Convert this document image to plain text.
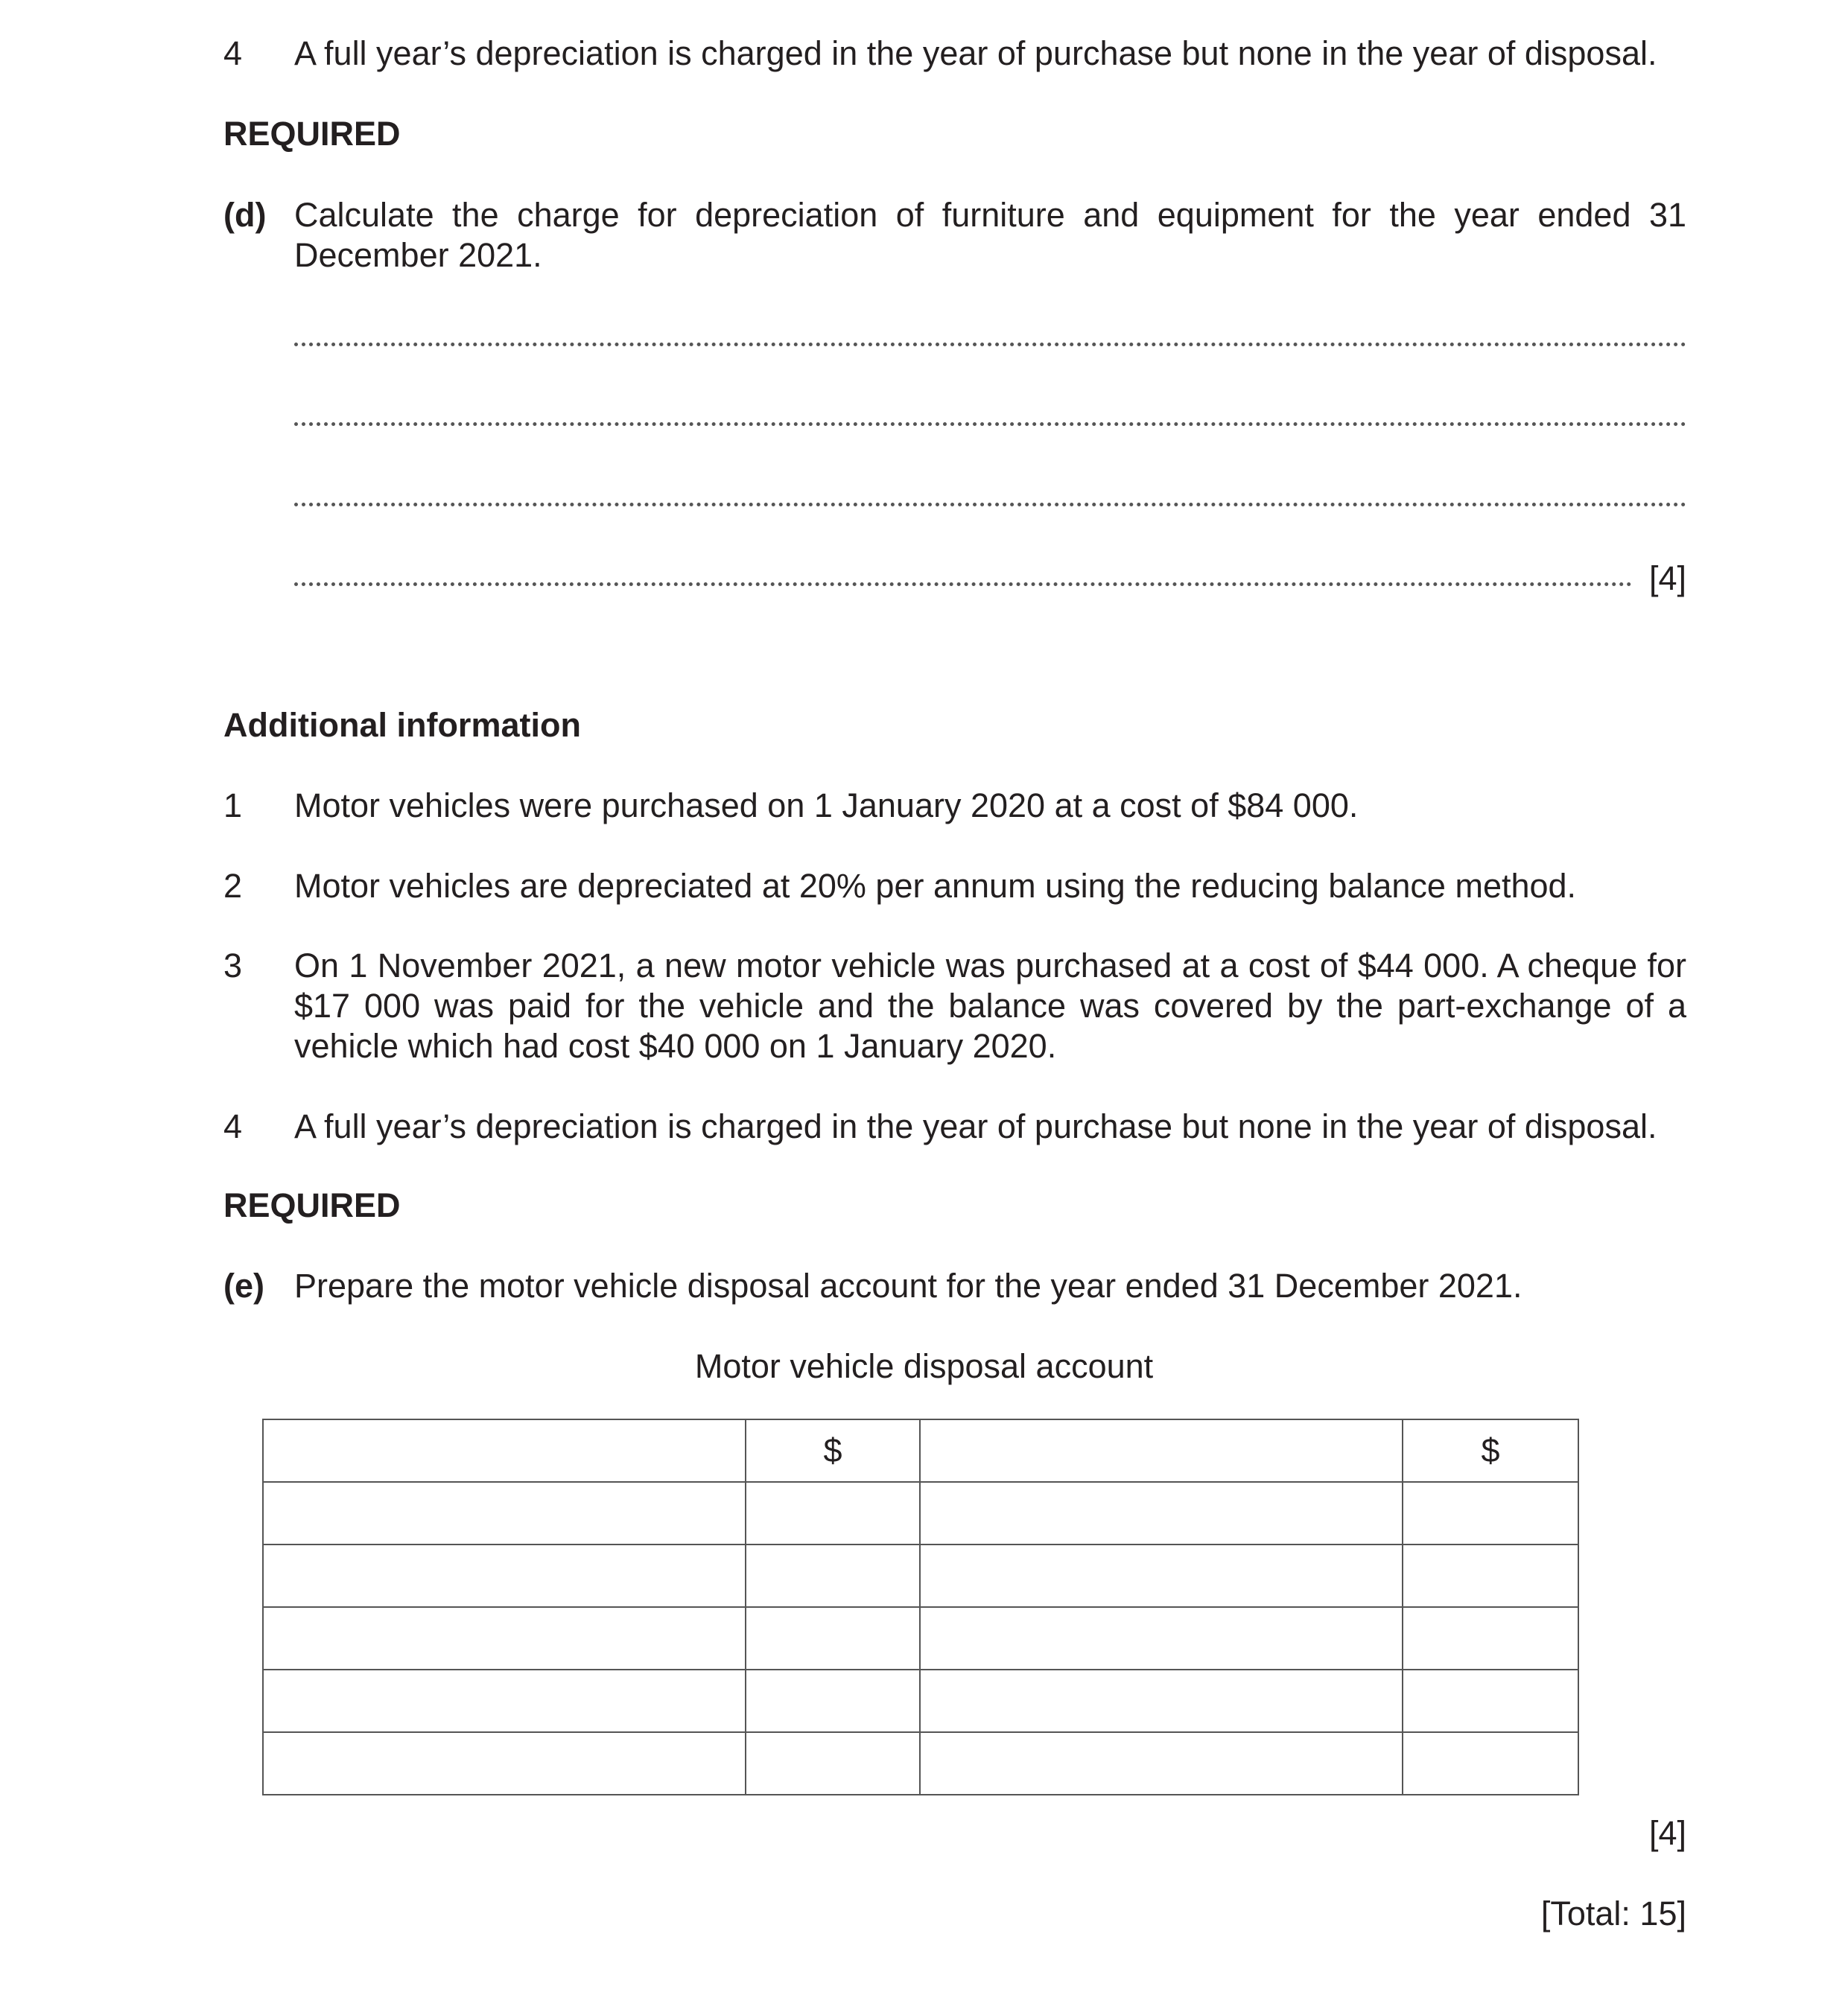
4 A full year’s depreciation is charged in the year of purchase but none in the year of disposal.
REQUIRED
(d) Calculate the charge for depreciation of furniture and equipment for the year ended 31 December 2021.
[4]
Additional information
1 Motor vehicles were purchased on 1 January 2020 at a cost of $84 000.
2 Motor vehicles are depreciated at 20% per annum using the reducing balance method.
3 On 1 November 2021, a new motor vehicle was purchased at a cost of $44 000. A cheque for $17 000 was paid for the vehicle and the balance was covered by the part-exchange of a vehicle which had cost $40 000 on 1 January 2020.
4 A full year’s depreciation is charged in the year of purchase but none in the year of disposal.
REQUIRED
(e) Prepare the motor vehicle disposal account for the year ended 31 December 2021.
Motor vehicle disposal account
	$		$

[4]
[Total: 15]
